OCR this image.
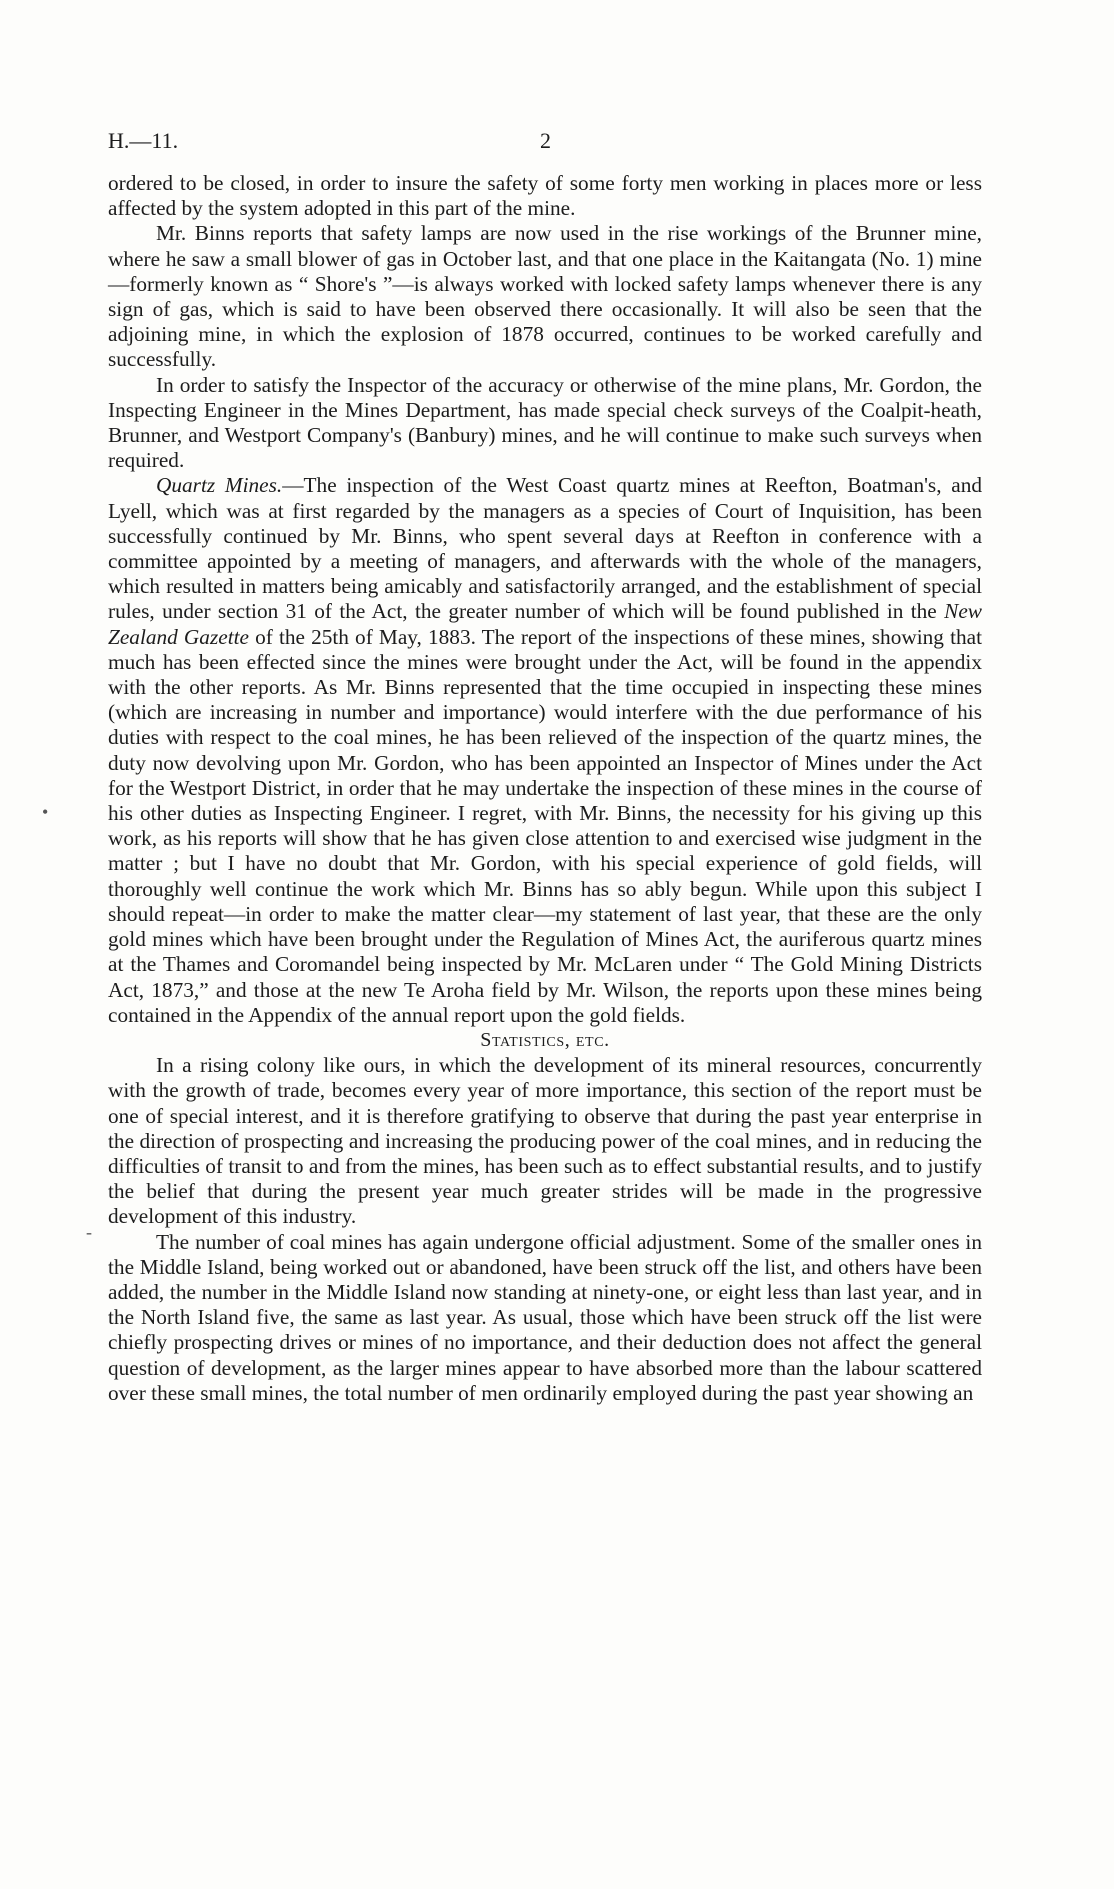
H.—11.	2

ordered to be closed, in order to insure the safety of some forty men working in places more or less affected by the system adopted in this part of the mine.

Mr. Binns reports that safety lamps are now used in the rise workings of the Brunner mine, where he saw a small blower of gas in October last, and that one place in the Kaitangata (No. 1) mine—formerly known as “ Shore's ”—is always worked with locked safety lamps whenever there is any sign of gas, which is said to have been observed there occasionally. It will also be seen that the adjoining mine, in which the explosion of 1878 occurred, continues to be worked carefully and successfully.

In order to satisfy the Inspector of the accuracy or otherwise of the mine plans, Mr. Gordon, the Inspecting Engineer in the Mines Department, has made special check surveys of the Coalpit-heath, Brunner, and Westport Company's (Banbury) mines, and he will continue to make such surveys when required.

Quartz Mines.—The inspection of the West Coast quartz mines at Reefton, Boatman's, and Lyell, which was at first regarded by the managers as a species of Court of Inquisition, has been successfully continued by Mr. Binns, who spent several days at Reefton in conference with a committee appointed by a meeting of managers, and afterwards with the whole of the managers, which resulted in matters being amicably and satisfactorily arranged, and the establishment of special rules, under section 31 of the Act, the greater number of which will be found published in the New Zealand Gazette of the 25th of May, 1883. The report of the inspections of these mines, showing that much has been effected since the mines were brought under the Act, will be found in the appendix with the other reports. As Mr. Binns represented that the time occupied in inspecting these mines (which are increasing in number and importance) would interfere with the due performance of his duties with respect to the coal mines, he has been relieved of the inspection of the quartz mines, the duty now devolving upon Mr. Gordon, who has been appointed an Inspector of Mines under the Act for the Westport District, in order that he may undertake the inspection of these mines in the course of his other duties as Inspecting Engineer. I regret, with Mr. Binns, the necessity for his giving up this work, as his reports will show that he has given close attention to and exercised wise judgment in the matter ; but I have no doubt that Mr. Gordon, with his special experience of gold fields, will thoroughly well continue the work which Mr. Binns has so ably begun. While upon this subject I should repeat—in order to make the matter clear—my statement of last year, that these are the only gold mines which have been brought under the Regulation of Mines Act, the auriferous quartz mines at the Thames and Coromandel being inspected by Mr. McLaren under “ The Gold Mining Districts Act, 1873,” and those at the new Te Aroha field by Mr. Wilson, the reports upon these mines being contained in the Appendix of the annual report upon the gold fields.

Statistics, etc.

In a rising colony like ours, in which the development of its mineral resources, concurrently with the growth of trade, becomes every year of more importance, this section of the report must be one of special interest, and it is therefore gratifying to observe that during the past year enterprise in the direction of prospecting and increasing the producing power of the coal mines, and in reducing the difficulties of transit to and from the mines, has been such as to effect substantial results, and to justify the belief that during the present year much greater strides will be made in the progressive development of this industry.

The number of coal mines has again undergone official adjustment. Some of the smaller ones in the Middle Island, being worked out or abandoned, have been struck off the list, and others have been added, the number in the Middle Island now standing at ninety-one, or eight less than last year, and in the North Island five, the same as last year. As usual, those which have been struck off the list were chiefly prospecting drives or mines of no importance, and their deduction does not affect the general question of development, as the larger mines appear to have absorbed more than the labour scattered over these small mines, the total number of men ordinarily employed during the past year showing an

•
-
